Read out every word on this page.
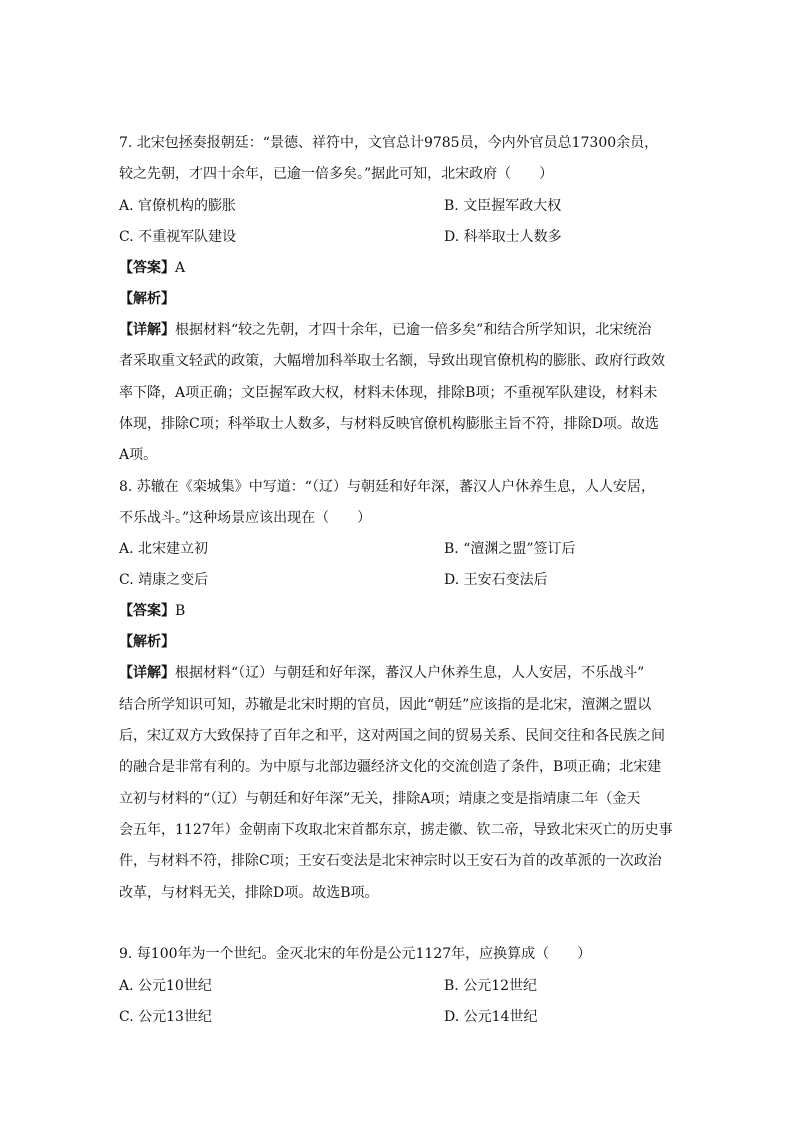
7. 北宋包拯奏报朝廷：“景德、祥符中，文官总计9785员，今内外官员总17300余员，
较之先朝，才四十余年，已逾一倍多矣。”据此可知，北宋政府（　　）
A. 官僚机构的膨胀	B. 文臣握军政大权
C. 不重视军队建设	D. 科举取士人数多
【答案】A
【解析】
【详解】根据材料“较之先朝，才四十余年，已逾一倍多矣”和结合所学知识，北宋统治
者采取重文轻武的政策，大幅增加科举取士名额，导致出现官僚机构的膨胀、政府行政效
率下降，A项正确；文臣握军政大权，材料未体现，排除B项；不重视军队建设，材料未
体现，排除C项；科举取士人数多，与材料反映官僚机构膨胀主旨不符，排除D项。故选
A项。
8. 苏辙在《栾城集》中写道：“（辽）与朝廷和好年深，蕃汉人户休养生息，人人安居，
不乐战斗。”这种场景应该出现在（　　）
A. 北宋建立初	B. “澶渊之盟”签订后
C. 靖康之变后	D. 王安石变法后
【答案】B
【解析】
【详解】根据材料“（辽）与朝廷和好年深，蕃汉人户休养生息，人人安居，不乐战斗”
结合所学知识可知，苏辙是北宋时期的官员，因此“朝廷”应该指的是北宋，澶渊之盟以
后，宋辽双方大致保持了百年之和平，这对两国之间的贸易关系、民间交往和各民族之间
的融合是非常有利的。为中原与北部边疆经济文化的交流创造了条件，B项正确；北宋建
立初与材料的“（辽）与朝廷和好年深”无关，排除A项；靖康之变是指靖康二年（金天
会五年，1127年）金朝南下攻取北宋首都东京，掳走徽、钦二帝，导致北宋灭亡的历史事
件，与材料不符，排除C项；王安石变法是北宋神宗时以王安石为首的改革派的一次政治
改革，与材料无关，排除D项。故选B项。
9. 每100年为一个世纪。金灭北宋的年份是公元1127年，应换算成（　　）
A. 公元10世纪	B. 公元12世纪
C. 公元13世纪	D. 公元14世纪
